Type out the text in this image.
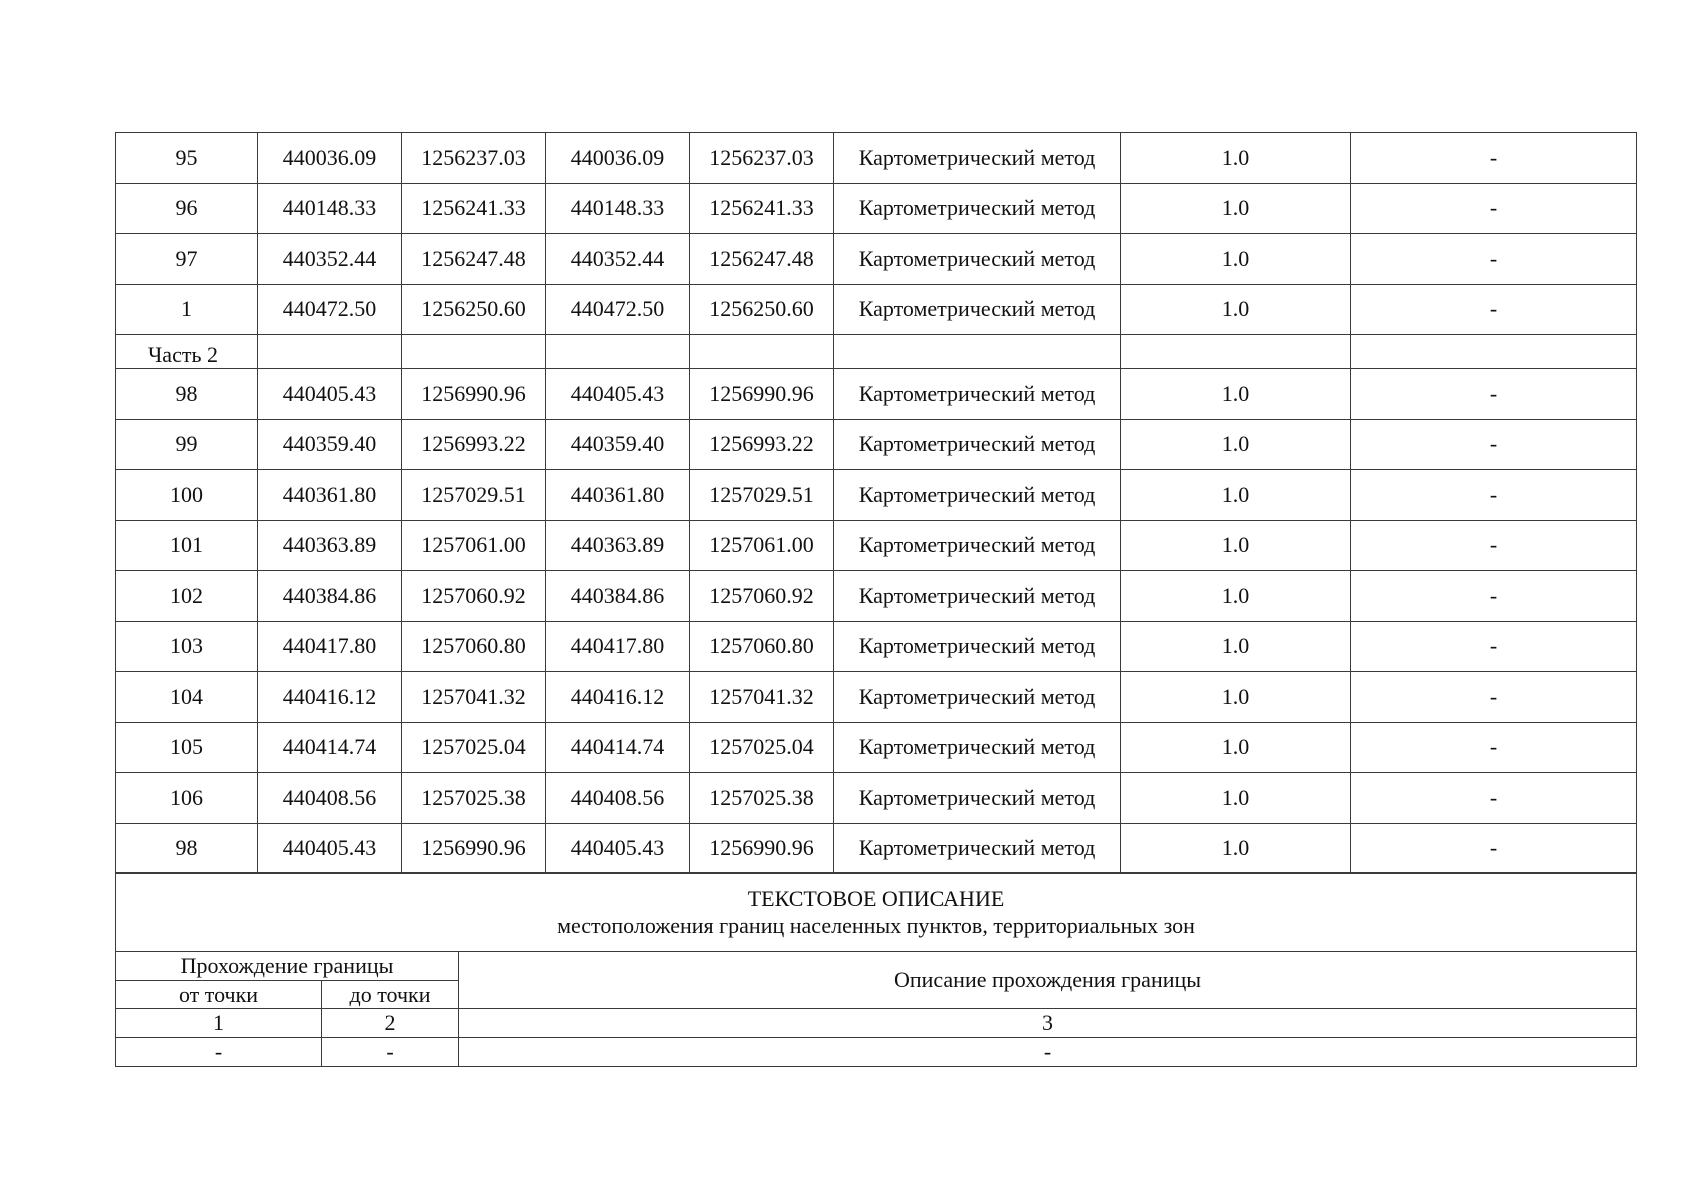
95	440036.09	1256237.03	440036.09	1256237.03	Картометрический метод	1.0	-
96	440148.33	1256241.33	440148.33	1256241.33	Картометрический метод	1.0	-
97	440352.44	1256247.48	440352.44	1256247.48	Картометрический метод	1.0	-
1	440472.50	1256250.60	440472.50	1256250.60	Картометрический метод	1.0	-
Часть 2							
98	440405.43	1256990.96	440405.43	1256990.96	Картометрический метод	1.0	-
99	440359.40	1256993.22	440359.40	1256993.22	Картометрический метод	1.0	-
100	440361.80	1257029.51	440361.80	1257029.51	Картометрический метод	1.0	-
101	440363.89	1257061.00	440363.89	1257061.00	Картометрический метод	1.0	-
102	440384.86	1257060.92	440384.86	1257060.92	Картометрический метод	1.0	-
103	440417.80	1257060.80	440417.80	1257060.80	Картометрический метод	1.0	-
104	440416.12	1257041.32	440416.12	1257041.32	Картометрический метод	1.0	-
105	440414.74	1257025.04	440414.74	1257025.04	Картометрический метод	1.0	-
106	440408.56	1257025.38	440408.56	1257025.38	Картометрический метод	1.0	-
98	440405.43	1256990.96	440405.43	1256990.96	Картометрический метод	1.0	-
ТЕКСТОВОЕ ОПИСАНИЕ
местоположения границ населенных пунктов, территориальных зон		

Прохождение границы		Описание прохождения границы
от точки	до точки	
1	2	3
-	-	-
